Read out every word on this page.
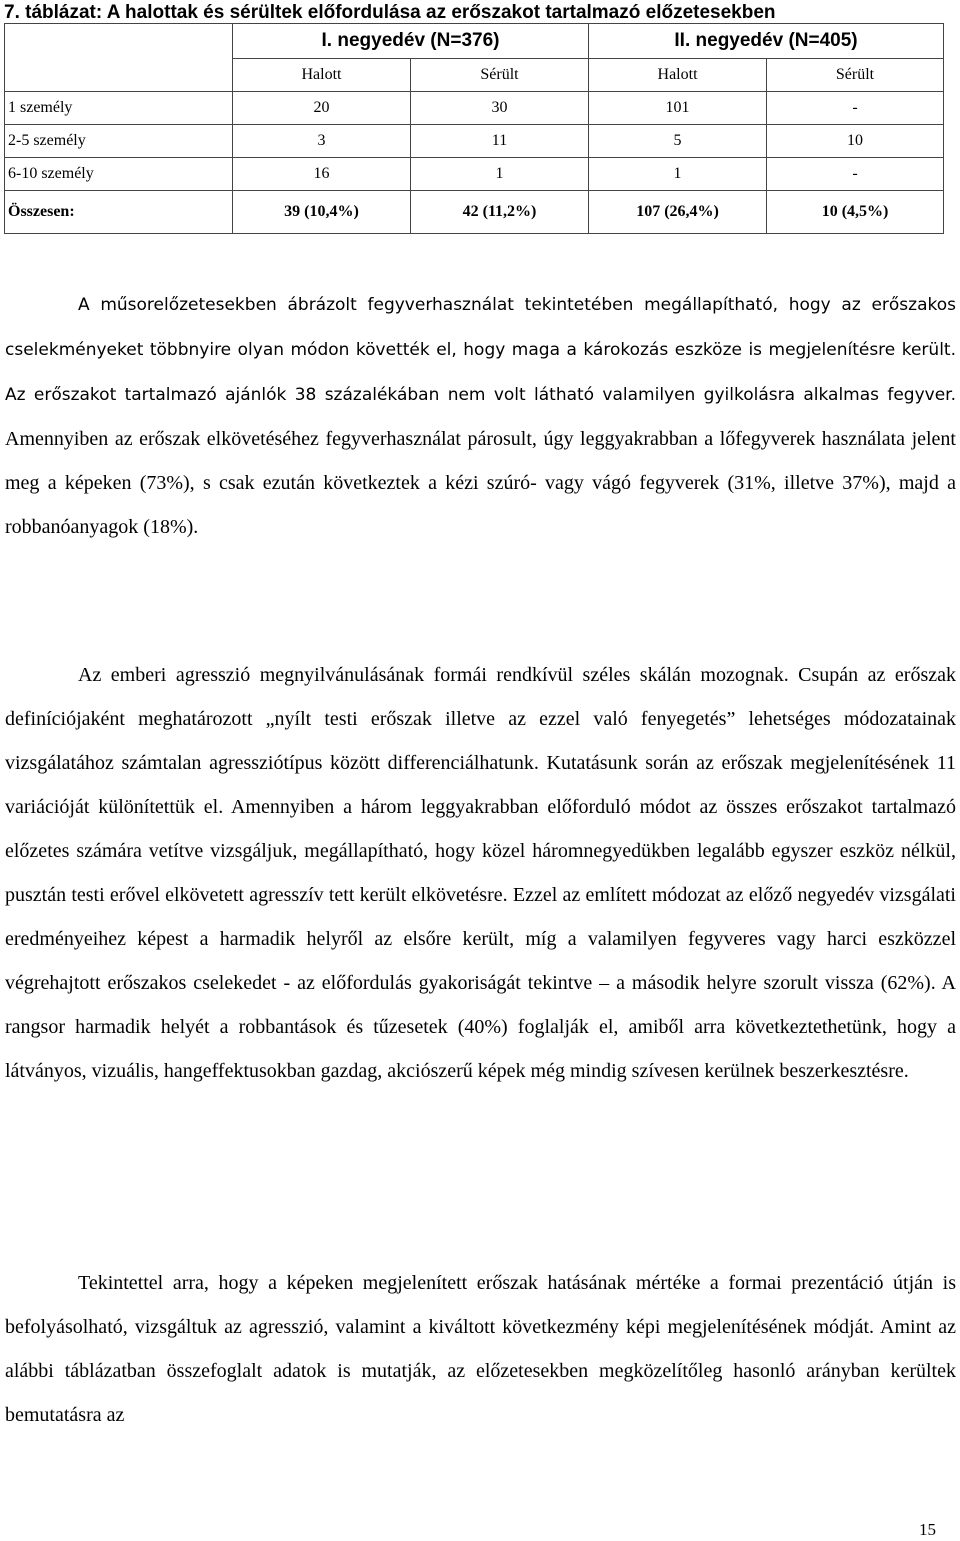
7. táblázat: A halottak és sérültek előfordulása az erőszakot tartalmazó előzetesekben
	I. negyedév (N=376)		II. negyedév (N=405)	
	Halott	Sérült	Halott	Sérült
1 személy	20	30	101	-
2-5 személy	3	11	5	10
6-10 személy	16	1	1	-
Összesen:	39 (10,4%)	42 (11,2%)	107 (26,4%)	10 (4,5%)

A műsorelőzetesekben ábrázolt fegyverhasználat tekintetében megállapítható, hogy az erőszakos cselekményeket többnyire olyan módon követték el, hogy maga a károkozás eszköze is megjelenítésre került. Az erőszakot tartalmazó ajánlók 38 százalékában nem volt látható valamilyen gyilkolásra alkalmas fegyver. Amennyiben az erőszak elkövetéséhez fegyverhasználat párosult, úgy leggyakrabban a lőfegyverek használata jelent meg a képeken (73%), s csak ezután következtek a kézi szúró- vagy vágó fegyverek (31%, illetve 37%), majd a robbanóanyagok (18%).

Az emberi agresszió megnyilvánulásának formái rendkívül széles skálán mozognak. Csupán az erőszak definíciójaként meghatározott „nyílt testi erőszak illetve az ezzel való fenyegetés” lehetséges módozatainak vizsgálatához számtalan agressziótípus között differenciálhatunk. Kutatásunk során az erőszak megjelenítésének 11 variációját különítettük el. Amennyiben a három leggyakrabban előforduló módot az összes erőszakot tartalmazó előzetes számára vetítve vizsgáljuk, megállapítható, hogy közel háromnegyedükben legalább egyszer eszköz nélkül, pusztán testi erővel elkövetett agresszív tett került elkövetésre. Ezzel az említett módozat az előző negyedév vizsgálati eredményeihez képest a harmadik helyről az elsőre került, míg a valamilyen fegyveres vagy harci eszközzel végrehajtott erőszakos cselekedet - az előfordulás gyakoriságát tekintve – a második helyre szorult vissza (62%). A rangsor harmadik helyét a robbantások és tűzesetek (40%) foglalják el, amiből arra következtethetünk, hogy a látványos, vizuális, hangeffektusokban gazdag, akciószerű képek még mindig szívesen kerülnek beszerkesztésre.

Tekintettel arra, hogy a képeken megjelenített erőszak hatásának mértéke a formai prezentáció útján is befolyásolható, vizsgáltuk az agresszió, valamint a kiváltott következmény képi megjelenítésének módját. Amint az alábbi táblázatban összefoglalt adatok is mutatják, az előzetesekben megközelítőleg hasonló arányban kerültek bemutatásra az

15
